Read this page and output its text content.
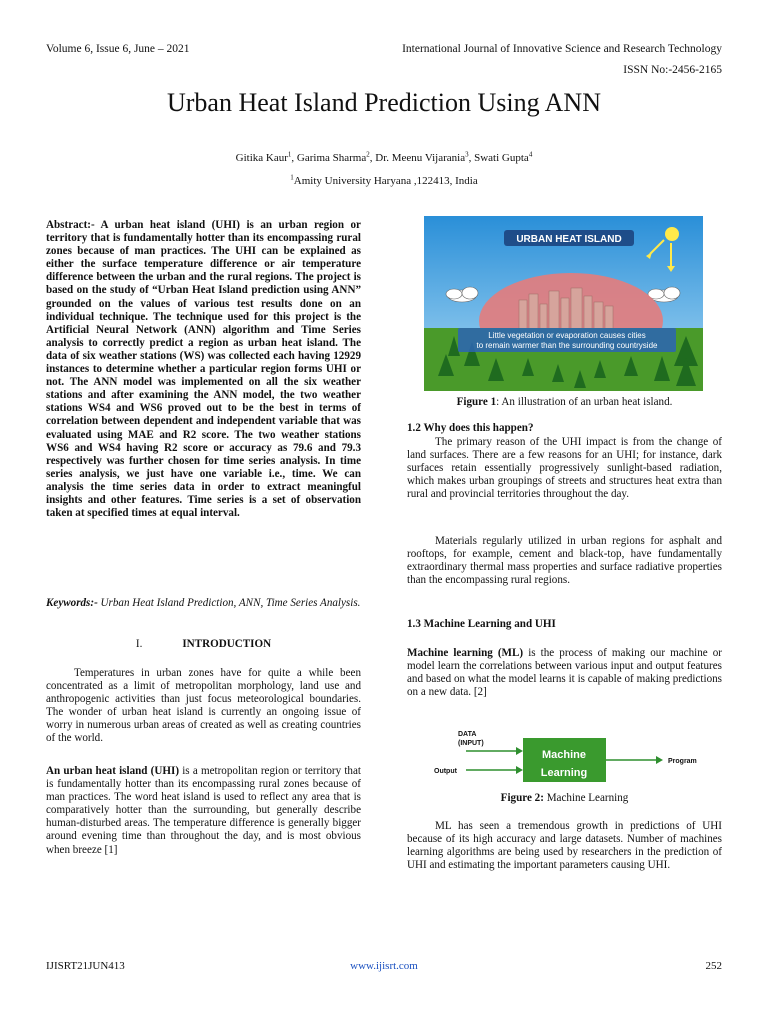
Volume 6, Issue 6, June – 2021	International Journal of Innovative Science and Research Technology
ISSN No:-2456-2165
Urban Heat Island Prediction Using ANN
Gitika Kaur$^1$, Garima Sharma$^2$, Dr. Meenu Vijarania$^3$, Swati Gupta$^4$
$^1$Amity University Haryana ,122413, India

Abstract:- A urban heat island (UHI) is an urban region or territory that is fundamentally hotter than its encompassing rural zones because of man practices. The UHI can be explained as either the surface temperature difference or air temperature difference between the urban and the rural regions. The project is based on the study of “Urban Heat Island prediction using ANN” grounded on the values of various test results done on an individual technique. The technique used for this project is the Artificial Neural Network (ANN) algorithm and Time Series analysis to correctly predict a region as urban heat island. The data of six weather stations (WS) was collected each having 12929 instances to determine whether a particular region forms UHI or not. The ANN model was implemented on all the six weather stations and after examining the ANN model, the two weather stations WS4 and WS6 proved out to be the best in terms of correlation between dependent and independent variable that was evaluated using MAE and R2 score. The two weather stations WS6 and WS4 having R2 score or accuracy as 79.6 and 79.3 respectively was further chosen for time series analysis. In time series analysis, we just have one variable i.e., time. We can analysis the time series data in order to extract meaningful insights and other features. Time series is a set of observation taken at specified times at equal interval.

Keywords:- Urban Heat Island Prediction, ANN, Time Series Analysis.

I.	INTRODUCTION

Temperatures in urban zones have for quite a while been concentrated as a limit of metropolitan morphology, land use and anthropogenic activities than just focus meteorological boundaries. The wonder of urban heat island is currently an ongoing issue of worry in numerous urban areas of created as well as creating countries of the world.

An urban heat island (UHI) is a metropolitan region or territory that is fundamentally hotter than its encompassing rural zones because of man practices. The word heat island is used to reflect any area that is comparatively hotter than the surrounding, but generally describe human-disturbed areas. The temperature difference is generally bigger around evening time than throughout the day, and is most obvious when breeze [1]

URBAN HEAT ISLAND
Little vegetation or evaporation causes cities
to remain warmer than the surrounding countryside
Figure 1: An illustration of an urban heat island.
1.2 Why does this happen?

The primary reason of the UHI impact is from the change of land surfaces. There are a few reasons for an UHI; for instance, dark surfaces retain essentially progressively sunlight-based radiation, which makes urban groupings of streets and structures heat extra than rural and provincial territories throughout the day.

Materials regularly utilized in urban regions for asphalt and rooftops, for example, cement and black-top, have fundamentally extraordinary thermal mass properties and surface radiative properties than the encompassing rural regions.

1.3 Machine Learning and UHI

Machine learning (ML) is the process of making our machine or model learn the correlations between various input and output features and based on what the model learns it is capable of making predictions on a new data. [2]

DATA
(INPUT)
Output
Machine
Learning
Program
Figure 2: Machine Learning

ML has seen a tremendous growth in predictions of UHI because of its high accuracy and large datasets. Number of machines learning algorithms are being used by researchers in the prediction of UHI and estimating the important parameters causing UHI.

IJISRT21JUN413	www.ijisrt.com	252
